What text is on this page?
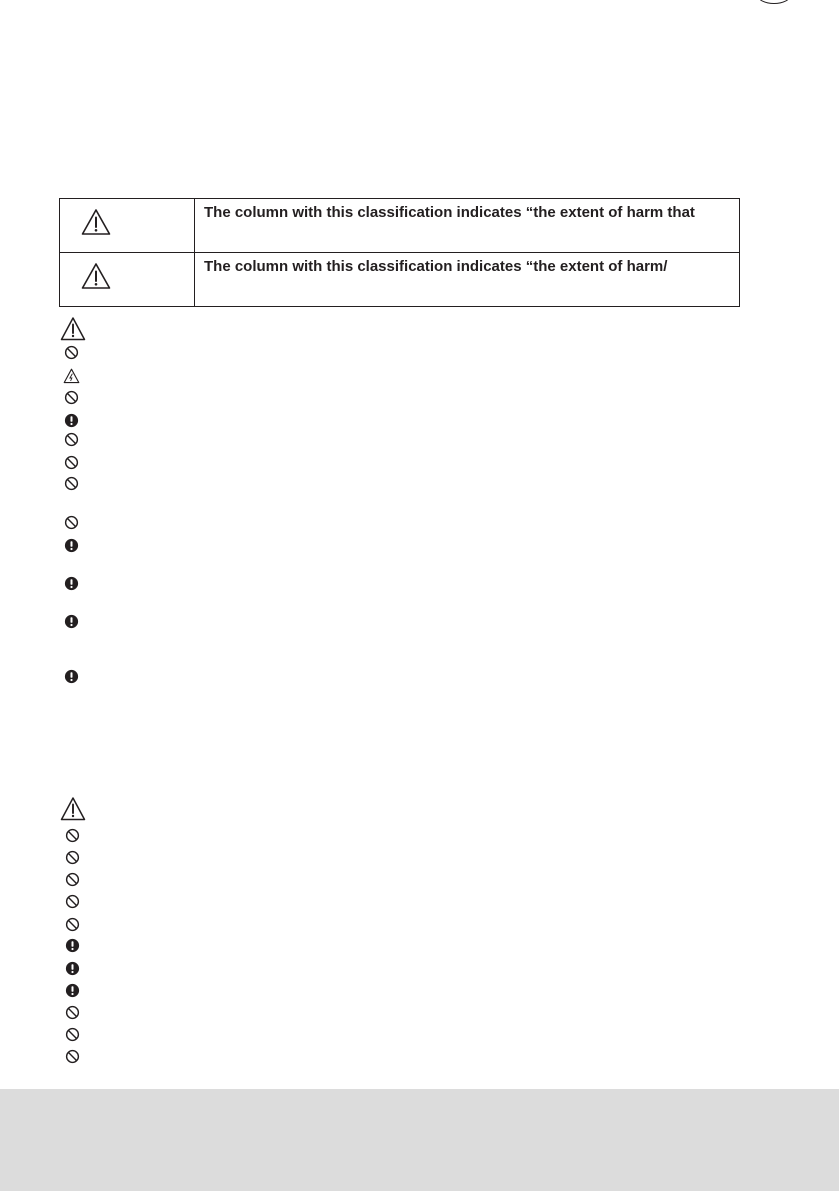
	The column with this classification indicates “the extent of harm that

	The column with this classification indicates “the extent of harm/
